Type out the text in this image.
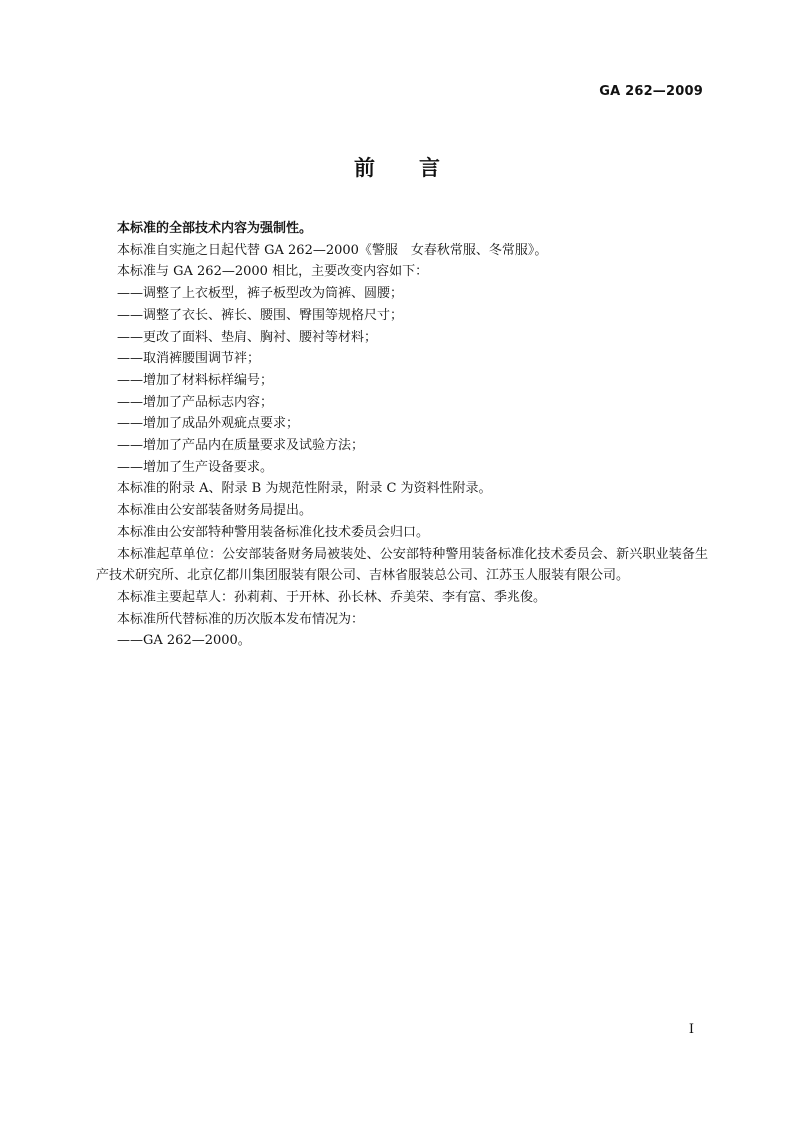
GA 262—2009
前言

本标准的全部技术内容为强制性。

本标准自实施之日起代替 GA 262—2000《警服　女春秋常服、冬常服》。

本标准与 GA 262—2000 相比，主要改变内容如下：

——调整了上衣板型，裤子板型改为筒裤、圆腰；

——调整了衣长、裤长、腰围、臀围等规格尺寸；

——更改了面料、垫肩、胸衬、腰衬等材料；

——取消裤腰围调节袢；

——增加了材料标样编号；

——增加了产品标志内容；

——增加了成品外观疵点要求；

——增加了产品内在质量要求及试验方法；

——增加了生产设备要求。

本标准的附录 A、附录 B 为规范性附录，附录 C 为资料性附录。

本标准由公安部装备财务局提出。

本标准由公安部特种警用装备标准化技术委员会归口。

本标准起草单位：公安部装备财务局被装处、公安部特种警用装备标准化技术委员会、新兴职业装备生产技术研究所、北京亿都川集团服装有限公司、吉林省服装总公司、江苏玉人服装有限公司。

本标准主要起草人：孙莉莉、于开林、孙长林、乔美荣、李有富、季兆俊。

本标准所代替标准的历次版本发布情况为：

——GA 262—2000。

I
